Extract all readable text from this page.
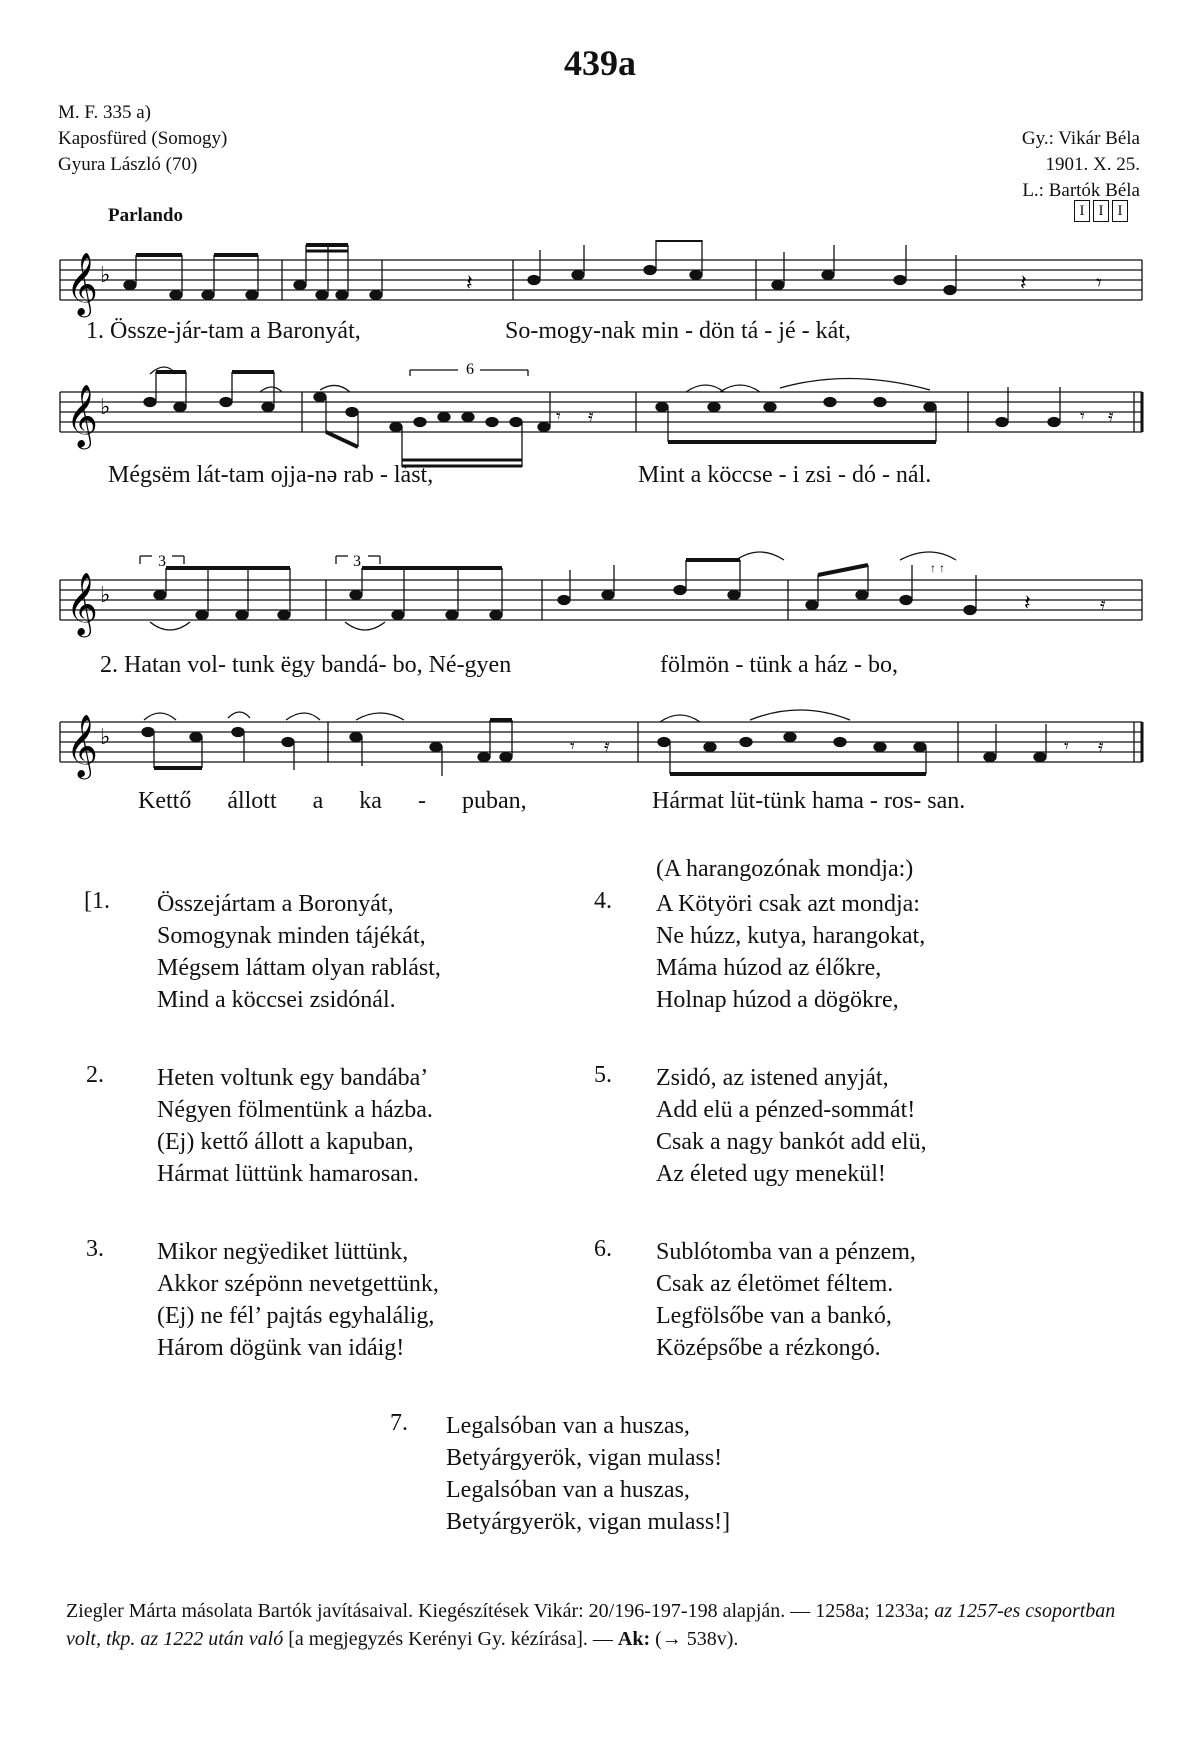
439a
M. F. 335 a)
Kaposfüred (Somogy)
Gyura László (70)
Gy.: Vikár Béla
1901. X. 25.
L.: Bartók Béla
Parlando	I I I
𝄞 ♭	𝄽	𝄾
𝄽
1. Össze-jár-tam a Baronyát,	So-mogy-nak min - dön tá - jé - kát,
6
𝄞 ♭	𝄾 𝄿	𝄾 𝄿
Mégsëm lát-tam ojja-nə rab - lást,	Mint a köccse - i zsi - dó - nál.
3	3
𝄞 ♭
↑ ↑
𝄽	𝄿
2. Hatan vol- tunk ëgy bandá- bo, Né-gyen	fölmön - tünk a ház - bo,
𝄞 ♭	𝄾 𝄿	𝄾 𝄿
Kettő állott a ka - puban,	Hármat lüt-tünk hama - ros- san.
[1. Összejártam a Boronyát,
Somogynak minden tájékát,
Mégsem láttam olyan rablást,
Mind a köccsei zsidónál.
2. Heten voltunk egy bandába’
Négyen fölmentünk a házba.
(Ej) kettő állott a kapuban,
Hármat lüttünk hamarosan.
3. Mikor negÿediket lüttünk,
Akkor szépönn nevetgettünk,
(Ej) ne fél’ pajtás egyhalálig,
Három dögünk van idáig!
(A harangozónak mondja:)
4. A Kötyöri csak azt mondja:
Ne húzz, kutya, harangokat,
Máma húzod az élőkre,
Holnap húzod a dögökre,
5. Zsidó, az istened anyját,
Add elü a pénzed-sommát!
Csak a nagy bankót add elü,
Az életed ugy menekül!
6. Sublótomba van a pénzem,
Csak az életömet féltem.
Legfölsőbe van a bankó,
Középsőbe a rézkongó.
7. Legalsóban van a huszas,
Betyárgyerök, vigan mulass!
Legalsóban van a huszas,
Betyárgyerök, vigan mulass!]
Ziegler Márta másolata Bartók javításaival. Kiegészítések Vikár: 20/196-197-198 alapján. — 1258a; 1233a; az 1257-es csoportban volt, tkp. az 1222 után való [a megjegyzés Kerényi Gy. kézírása]. — Ak: (→ 538v).
